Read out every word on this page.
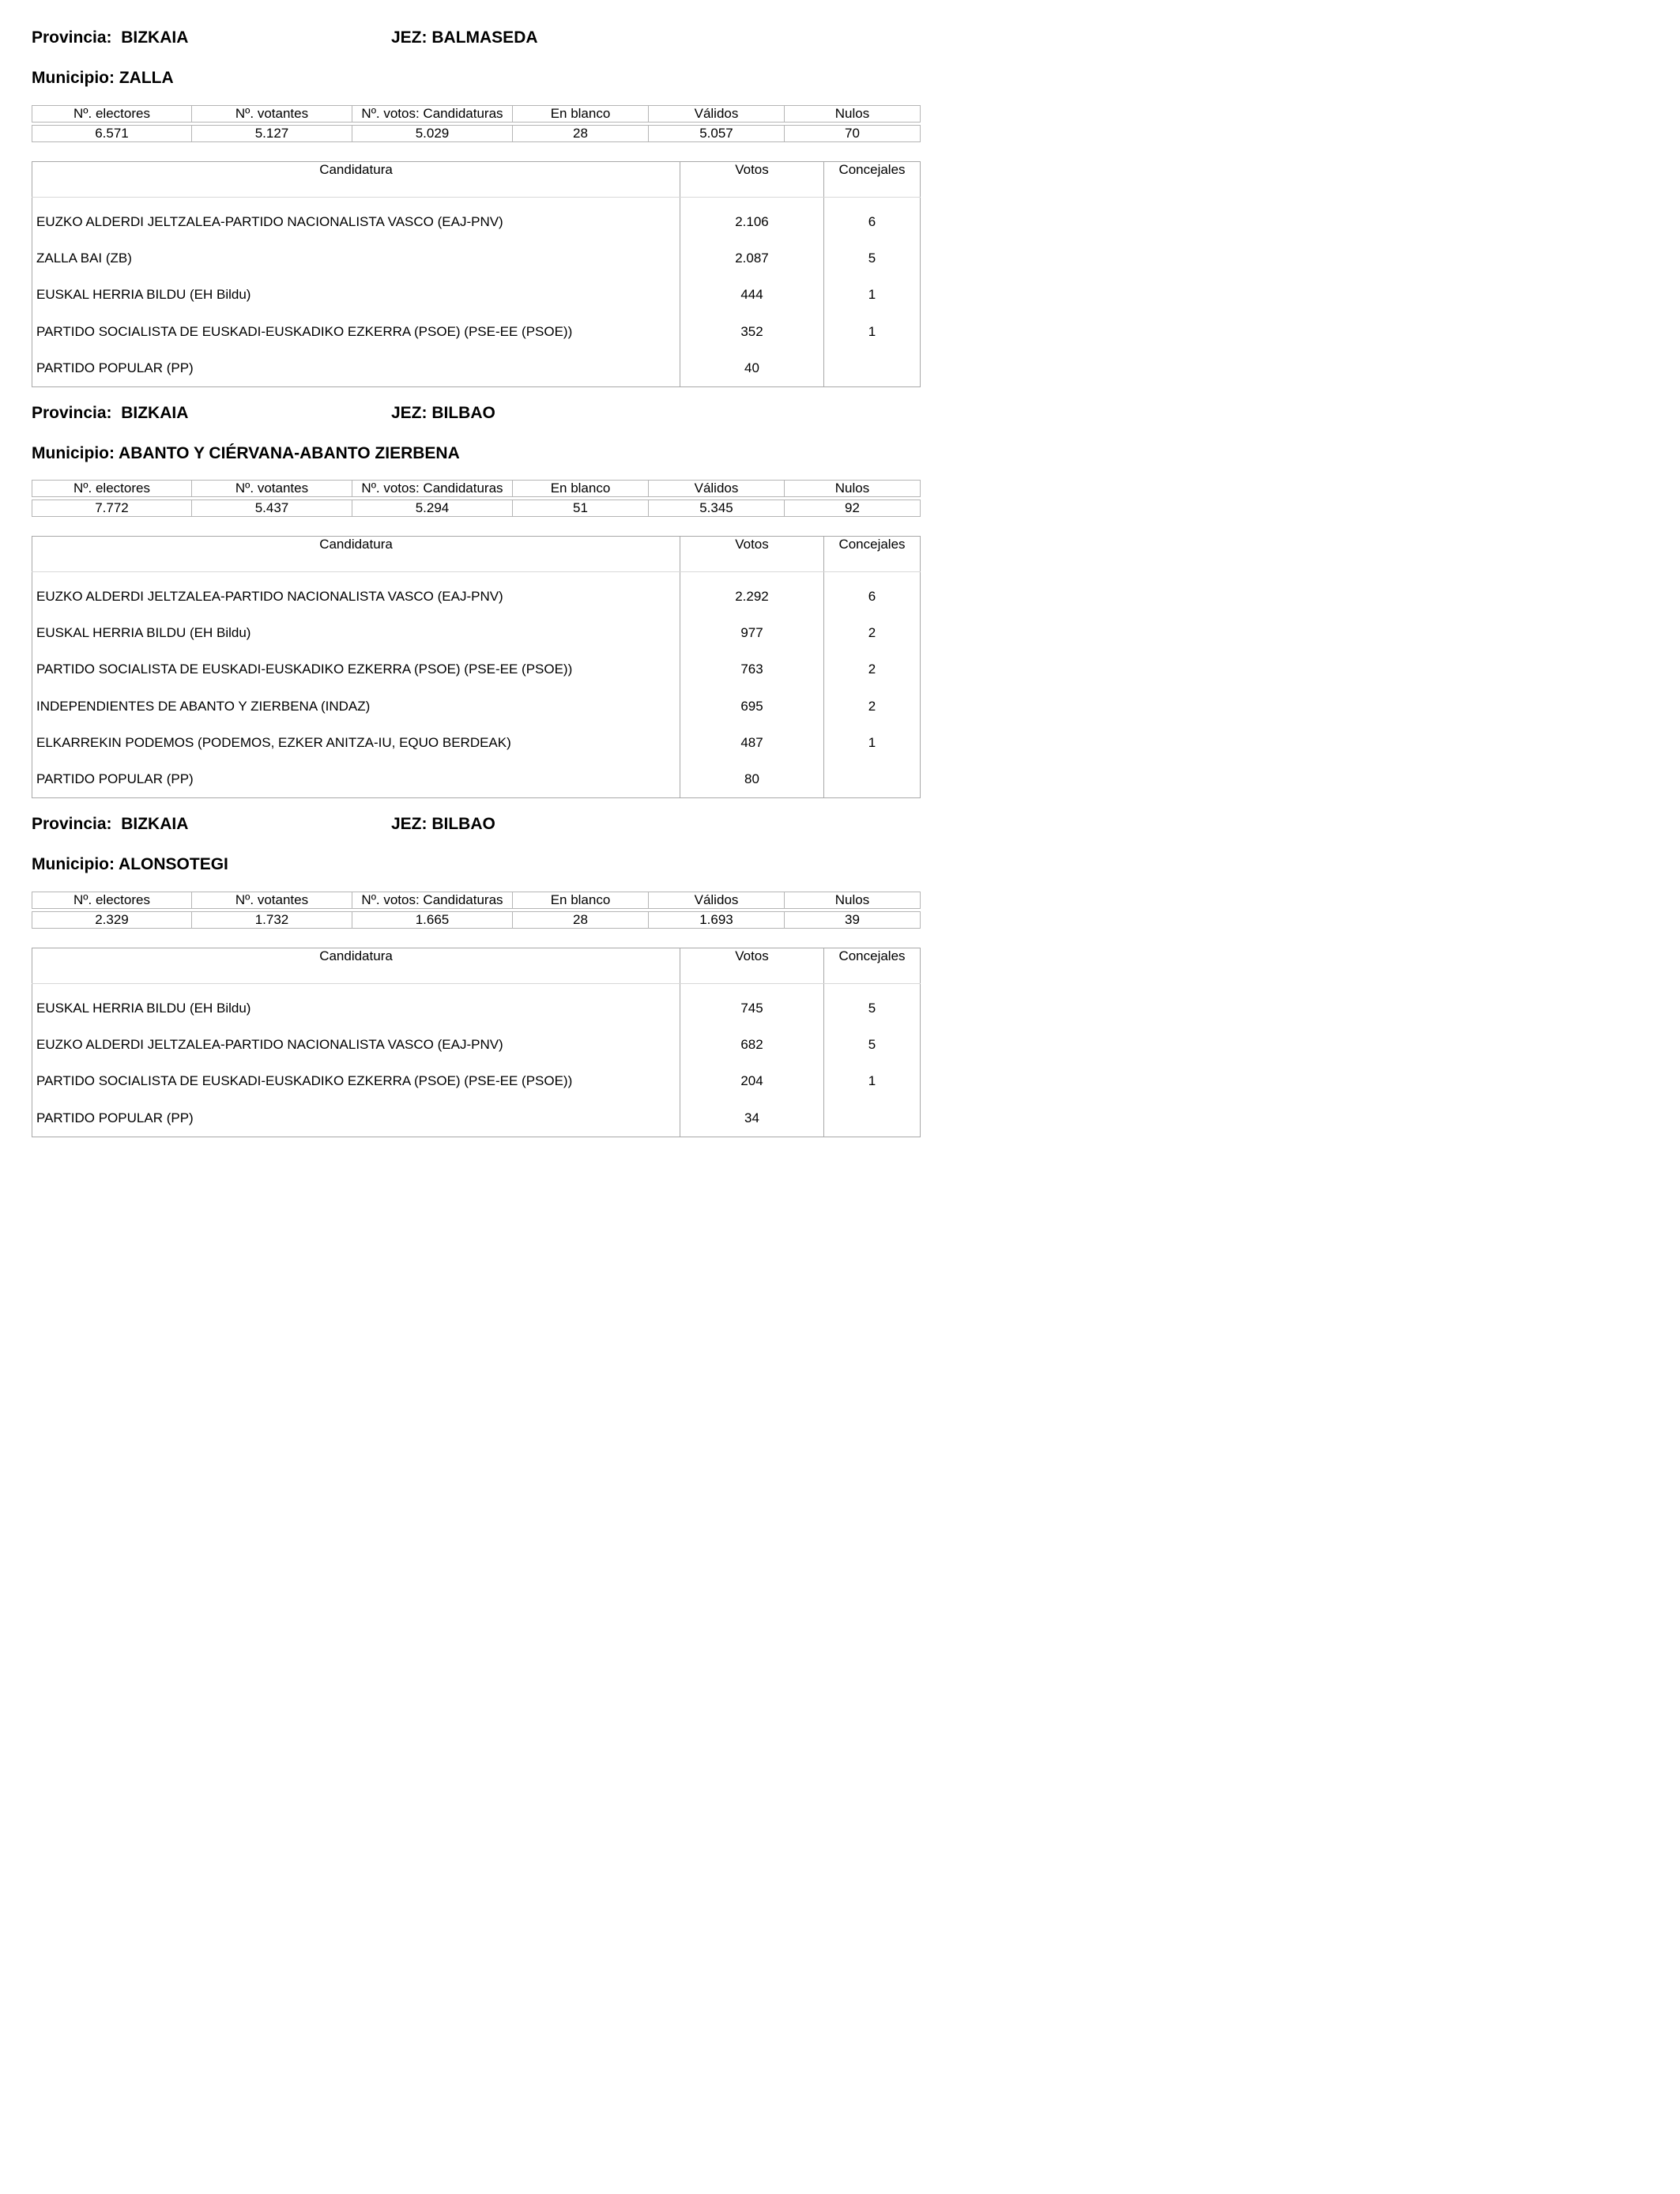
Provincia: BIZKAIA	JEZ: BALMASEDA
Municipio: ZALLA
Nº. electores	Nº. votantes	Nº. votos: Candidaturas	En blanco	Válidos	Nulos

6.571	5.127	5.029	28	5.057	70
Candidatura	Votos	Concejales

EUZKO ALDERDI JELTZALEA-PARTIDO NACIONALISTA VASCO (EAJ-PNV)	2.106	6
ZALLA BAI (ZB)	2.087	5
EUSKAL HERRIA BILDU (EH Bildu)	444	1
PARTIDO SOCIALISTA DE EUSKADI-EUSKADIKO EZKERRA (PSOE) (PSE-EE (PSOE))	352	1
PARTIDO POPULAR (PP)	40	
Provincia: BIZKAIA	JEZ: BILBAO
Municipio: ABANTO Y CIÉRVANA-ABANTO ZIERBENA
Nº. electores	Nº. votantes	Nº. votos: Candidaturas	En blanco	Válidos	Nulos

7.772	5.437	5.294	51	5.345	92
Candidatura	Votos	Concejales

EUZKO ALDERDI JELTZALEA-PARTIDO NACIONALISTA VASCO (EAJ-PNV)	2.292	6
EUSKAL HERRIA BILDU (EH Bildu)	977	2
PARTIDO SOCIALISTA DE EUSKADI-EUSKADIKO EZKERRA (PSOE) (PSE-EE (PSOE))	763	2
INDEPENDIENTES DE ABANTO Y ZIERBENA (INDAZ)	695	2
ELKARREKIN PODEMOS (PODEMOS, EZKER ANITZA-IU, EQUO BERDEAK)	487	1
PARTIDO POPULAR (PP)	80	
Provincia: BIZKAIA	JEZ: BILBAO
Municipio: ALONSOTEGI
Nº. electores	Nº. votantes	Nº. votos: Candidaturas	En blanco	Válidos	Nulos

2.329	1.732	1.665	28	1.693	39
Candidatura	Votos	Concejales

EUSKAL HERRIA BILDU (EH Bildu)	745	5
EUZKO ALDERDI JELTZALEA-PARTIDO NACIONALISTA VASCO (EAJ-PNV)	682	5
PARTIDO SOCIALISTA DE EUSKADI-EUSKADIKO EZKERRA (PSOE) (PSE-EE (PSOE))	204	1
PARTIDO POPULAR (PP)	34	
